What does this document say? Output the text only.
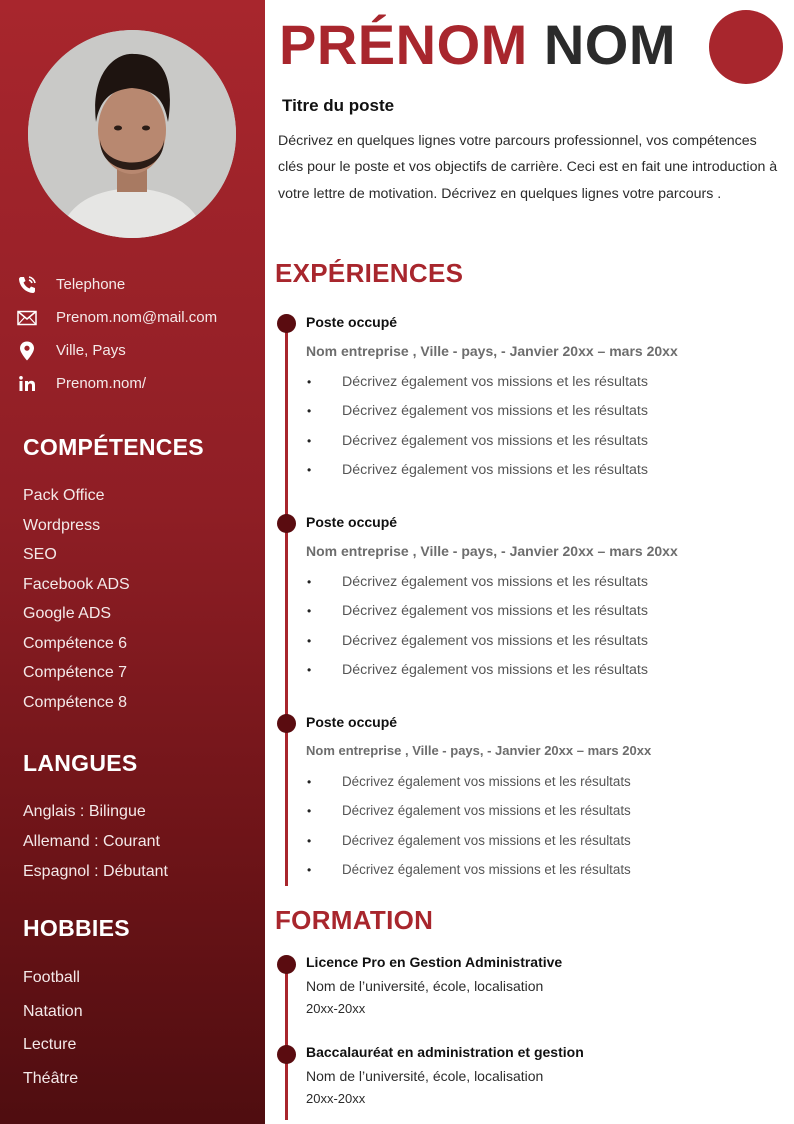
Telephone
Prenom.nom@mail.com
Ville, Pays
Prenom.nom/
COMPÉTENCES
Pack Office
Wordpress
SEO
Facebook ADS
Google ADS
Compétence 6
Compétence 7
Compétence 8
LANGUES
Anglais : Bilingue
Allemand : Courant
Espagnol : Débutant
HOBBIES
Football
Natation
Lecture
Théâtre
PRÉNOM NOM
Titre du poste
Décrivez en quelques lignes votre parcours professionnel, vos compétences clés pour le poste et vos objectifs de carrière. Ceci est en fait une introduction à votre lettre de motivation. Décrivez en quelques lignes votre parcours .
EXPÉRIENCES
Poste occupé
Nom entreprise , Ville - pays, - Janvier 20xx – mars 20xx
• Décrivez également vos missions et les résultats
• Décrivez également vos missions et les résultats
• Décrivez également vos missions et les résultats
• Décrivez également vos missions et les résultats
Poste occupé
Nom entreprise , Ville - pays, - Janvier 20xx – mars 20xx
• Décrivez également vos missions et les résultats
• Décrivez également vos missions et les résultats
• Décrivez également vos missions et les résultats
• Décrivez également vos missions et les résultats
Poste occupé
Nom entreprise , Ville - pays, - Janvier 20xx – mars 20xx
• Décrivez également vos missions et les résultats
• Décrivez également vos missions et les résultats
• Décrivez également vos missions et les résultats
• Décrivez également vos missions et les résultats
FORMATION
Licence Pro en Gestion Administrative
Nom de l’université, école, localisation
20xx-20xx
Baccalauréat en administration et gestion
Nom de l’université, école, localisation
20xx-20xx
